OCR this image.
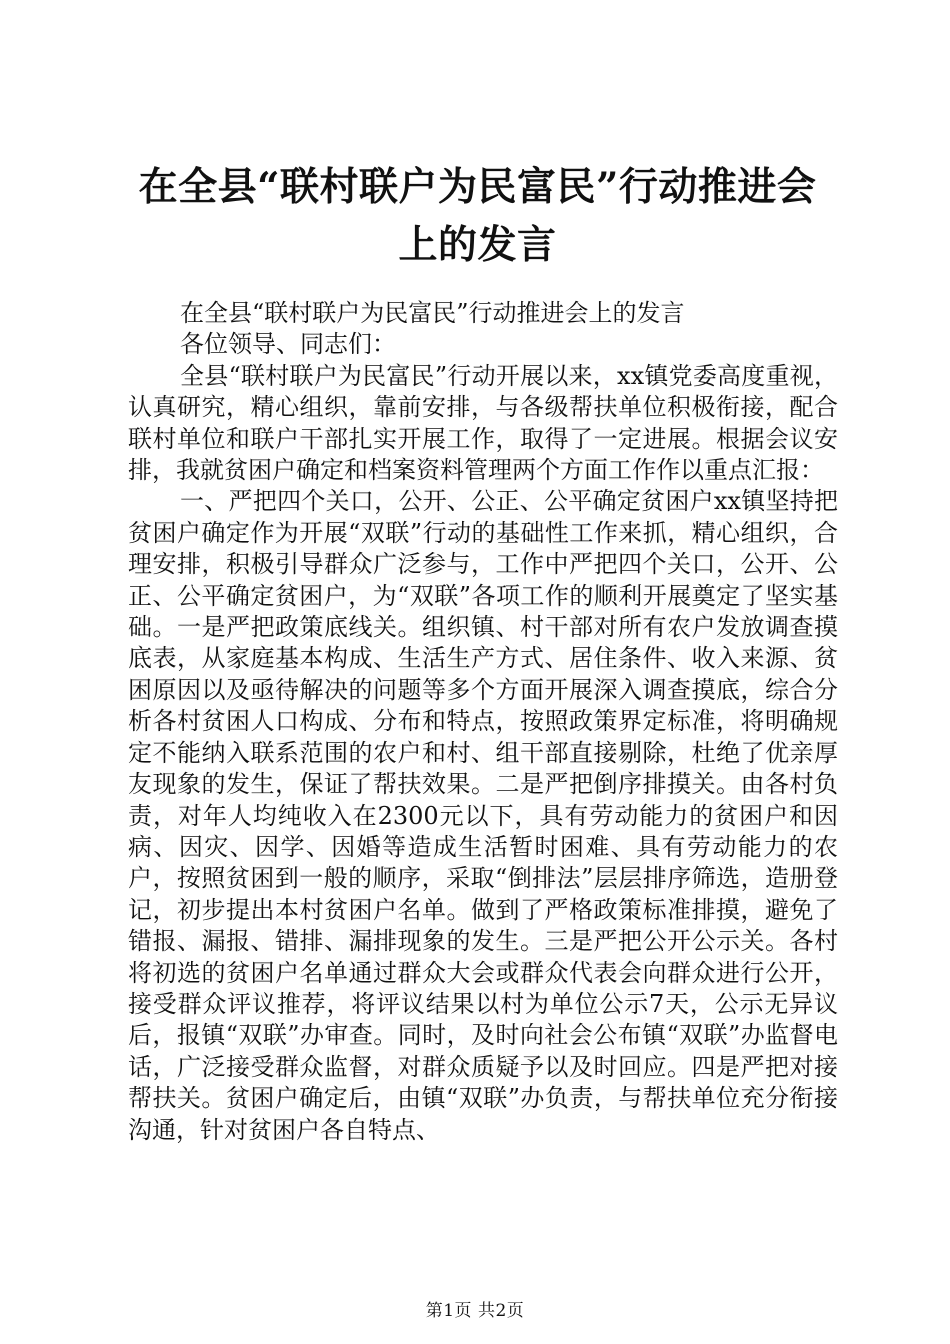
在全县“联村联户为民富民”行动推进会上的发言

在全县“联村联户为民富民”行动推进会上的发言

各位领导、同志们：

全县“联村联户为民富民”行动开展以来，xx镇党委高度重视，认真研究，精心组织，靠前安排，与各级帮扶单位积极衔接，配合联村单位和联户干部扎实开展工作，取得了一定进展。根据会议安排，我就贫困户确定和档案资料管理两个方面工作作以重点汇报：

一、严把四个关口，公开、公正、公平确定贫困户xx镇坚持把贫困户确定作为开展“双联”行动的基础性工作来抓，精心组织，合理安排，积极引导群众广泛参与，工作中严把四个关口，公开、公正、公平确定贫困户，为“双联”各项工作的顺利开展奠定了坚实基础。一是严把政策底线关。组织镇、村干部对所有农户发放调查摸底表，从家庭基本构成、生活生产方式、居住条件、收入来源、贫困原因以及亟待解决的问题等多个方面开展深入调查摸底，综合分析各村贫困人口构成、分布和特点，按照政策界定标准，将明确规定不能纳入联系范围的农户和村、组干部直接剔除，杜绝了优亲厚友现象的发生，保证了帮扶效果。二是严把倒序排摸关。由各村负责，对年人均纯收入在2300元以下，具有劳动能力的贫困户和因病、因灾、因学、因婚等造成生活暂时困难、具有劳动能力的农户，按照贫困到一般的顺序，采取“倒排法”层层排序筛选，造册登记，初步提出本村贫困户名单。做到了严格政策标准排摸，避免了错报、漏报、错排、漏排现象的发生。三是严把公开公示关。各村将初选的贫困户名单通过群众大会或群众代表会向群众进行公开，接受群众评议推荐，将评议结果以村为单位公示7天，公示无异议后，报镇“双联”办审查。同时，及时向社会公布镇“双联”办监督电话，广泛接受群众监督，对群众质疑予以及时回应。四是严把对接帮扶关。贫困户确定后，由镇“双联”办负责，与帮扶单位充分衔接沟通，针对贫困户各自特点、

第1页 共2页
